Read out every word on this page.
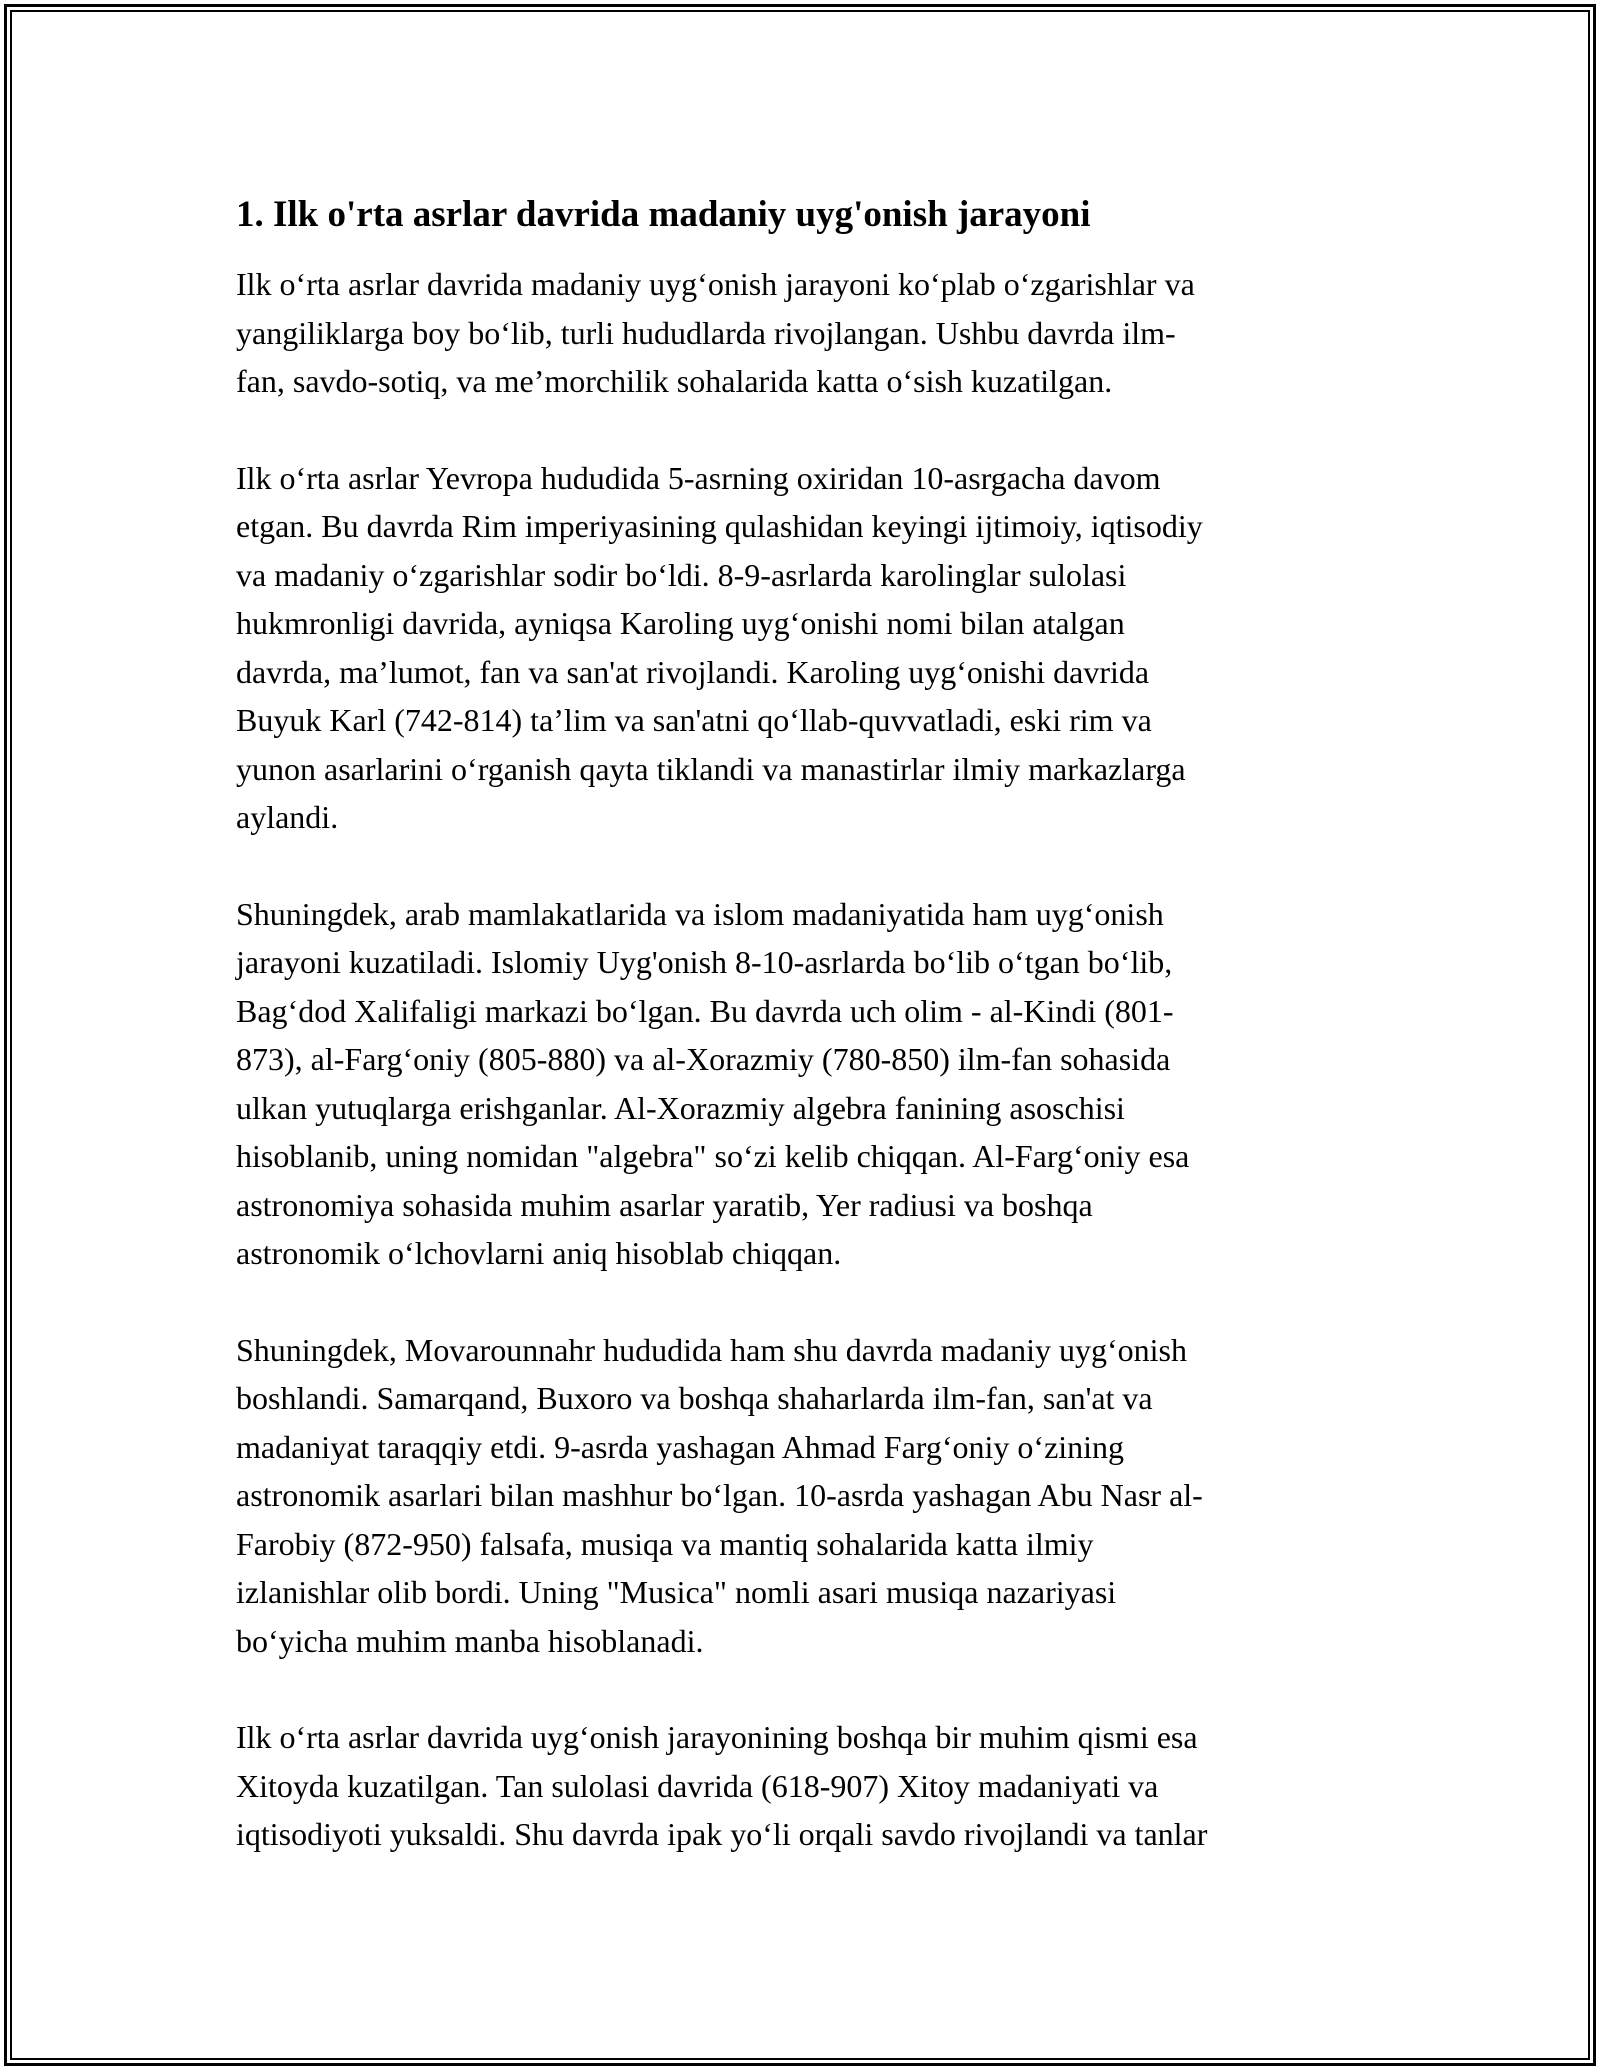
1. Ilk o'rta asrlar davrida madaniy uyg'onish jarayoni

Ilk o‘rta asrlar davrida madaniy uyg‘onish jarayoni ko‘plab o‘zgarishlar va
yangiliklarga boy bo‘lib, turli hududlarda rivojlangan. Ushbu davrda ilm-
fan, savdo-sotiq, va me’morchilik sohalarida katta o‘sish kuzatilgan.

Ilk o‘rta asrlar Yevropa hududida 5-asrning oxiridan 10-asrgacha davom
etgan. Bu davrda Rim imperiyasining qulashidan keyingi ijtimoiy, iqtisodiy
va madaniy o‘zgarishlar sodir bo‘ldi. 8-9-asrlarda karolinglar sulolasi
hukmronligi davrida, ayniqsa Karoling uyg‘onishi nomi bilan atalgan
davrda, ma’lumot, fan va san'at rivojlandi. Karoling uyg‘onishi davrida
Buyuk Karl (742-814) ta’lim va san'atni qo‘llab-quvvatladi, eski rim va
yunon asarlarini o‘rganish qayta tiklandi va manastirlar ilmiy markazlarga
aylandi.

Shuningdek, arab mamlakatlarida va islom madaniyatida ham uyg‘onish
jarayoni kuzatiladi. Islomiy Uyg'onish 8-10-asrlarda bo‘lib o‘tgan bo‘lib,
Bag‘dod Xalifaligi markazi bo‘lgan. Bu davrda uch olim - al-Kindi (801-
873), al-Farg‘oniy (805-880) va al-Xorazmiy (780-850) ilm-fan sohasida
ulkan yutuqlarga erishganlar. Al-Xorazmiy algebra fanining asoschisi
hisoblanib, uning nomidan "algebra" so‘zi kelib chiqqan. Al-Farg‘oniy esa
astronomiya sohasida muhim asarlar yaratib, Yer radiusi va boshqa
astronomik o‘lchovlarni aniq hisoblab chiqqan.

Shuningdek, Movarounnahr hududida ham shu davrda madaniy uyg‘onish
boshlandi. Samarqand, Buxoro va boshqa shaharlarda ilm-fan, san'at va
madaniyat taraqqiy etdi. 9-asrda yashagan Ahmad Farg‘oniy o‘zining
astronomik asarlari bilan mashhur bo‘lgan. 10-asrda yashagan Abu Nasr al-
Farobiy (872-950) falsafa, musiqa va mantiq sohalarida katta ilmiy
izlanishlar olib bordi. Uning "Musica" nomli asari musiqa nazariyasi
bo‘yicha muhim manba hisoblanadi.

Ilk o‘rta asrlar davrida uyg‘onish jarayonining boshqa bir muhim qismi esa
Xitoyda kuzatilgan. Tan sulolasi davrida (618-907) Xitoy madaniyati va
iqtisodiyoti yuksaldi. Shu davrda ipak yo‘li orqali savdo rivojlandi va tanlar
